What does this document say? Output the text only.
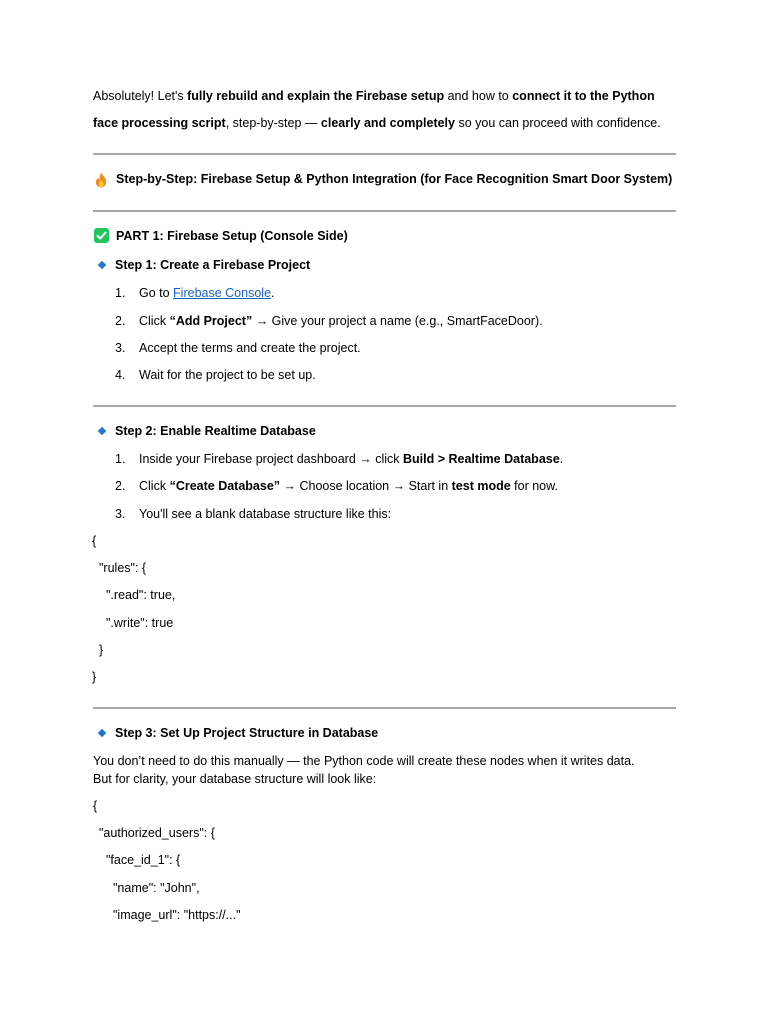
Absolutely! Let's fully rebuild and explain the Firebase setup and how to connect it to the Python
face processing script, step-by-step — clearly and completely so you can proceed with confidence.
Step-by-Step: Firebase Setup & Python Integration (for Face Recognition Smart Door System)
PART 1: Firebase Setup (Console Side)
Step 1: Create a Firebase Project
1. Go to Firebase Console.
2. Click “Add Project” → Give your project a name (e.g., SmartFaceDoor).
3. Accept the terms and create the project.
4. Wait for the project to be set up.
Step 2: Enable Realtime Database
1. Inside your Firebase project dashboard → click Build > Realtime Database.
2. Click “Create Database” → Choose location → Start in test mode for now.
3. You'll see a blank database structure like this:
{
"rules": {
".read": true,
".write": true
}
}
Step 3: Set Up Project Structure in Database
You don’t need to do this manually — the Python code will create these nodes when it writes data.
But for clarity, your database structure will look like:
{
"authorized_users": {
"face_id_1": {
"name": "John",
"image_url": "https://..."
